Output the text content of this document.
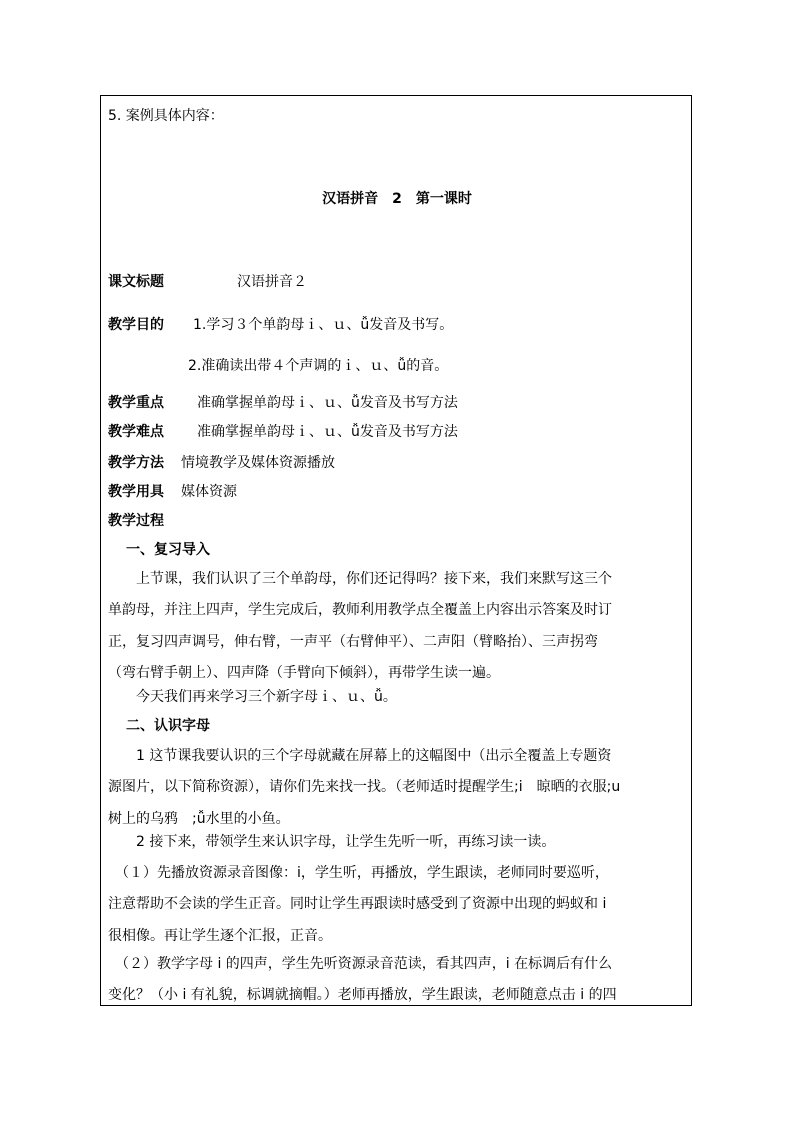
5. 案例具体内容：
汉语拼音　2　第一课时
课文标题	汉语拼音２
教学目的 1.学习３个单韵母ｉ、ｕ、ǚ发音及书写。
2.准确读出带４个声调的ｉ、ｕ、ǚ的音。
教学重点 准确掌握单韵母ｉ、ｕ、ǚ发音及书写方法
教学难点 准确掌握单韵母ｉ、ｕ、ǚ发音及书写方法
教学方法 情境教学及媒体资源播放
教学用具 媒体资源
教学过程
一、复习导入
　　上节课，我们认识了三个单韵母，你们还记得吗？接下来，我们来默写这三个
单韵母，并注上四声，学生完成后，教师利用教学点全覆盖上内容出示答案及时订
正，复习四声调号，伸右臂，一声平（右臂伸平）、二声阳（臂略抬）、三声拐弯
（弯右臂手朝上）、四声降（手臂向下倾斜），再带学生读一遍。
　　今天我们再来学习三个新字母ｉ、ｕ、ǚ。
二、认识字母
　　1 这节课我要认识的三个字母就藏在屏幕上的这幅图中（出示全覆盖上专题资
源图片，以下简称资源），请你们先来找一找。（老师适时提醒学生;i　晾晒的衣服;u
树上的乌鸦　;ǚ水里的小鱼。
　　2 接下来，带领学生来认识字母，让学生先听一听，再练习读一读。
　（１）先播放资源录音图像：i，学生听，再播放，学生跟读，老师同时要巡听，
注意帮助不会读的学生正音。同时让学生再跟读时感受到了资源中出现的蚂蚁和 i
很相像。再让学生逐个汇报，正音。
　（２）教学字母 i 的四声，学生先听资源录音范读，看其四声，i 在标调后有什么
变化？（小 i 有礼貌，标调就摘帽。）老师再播放，学生跟读，老师随意点击 i 的四
